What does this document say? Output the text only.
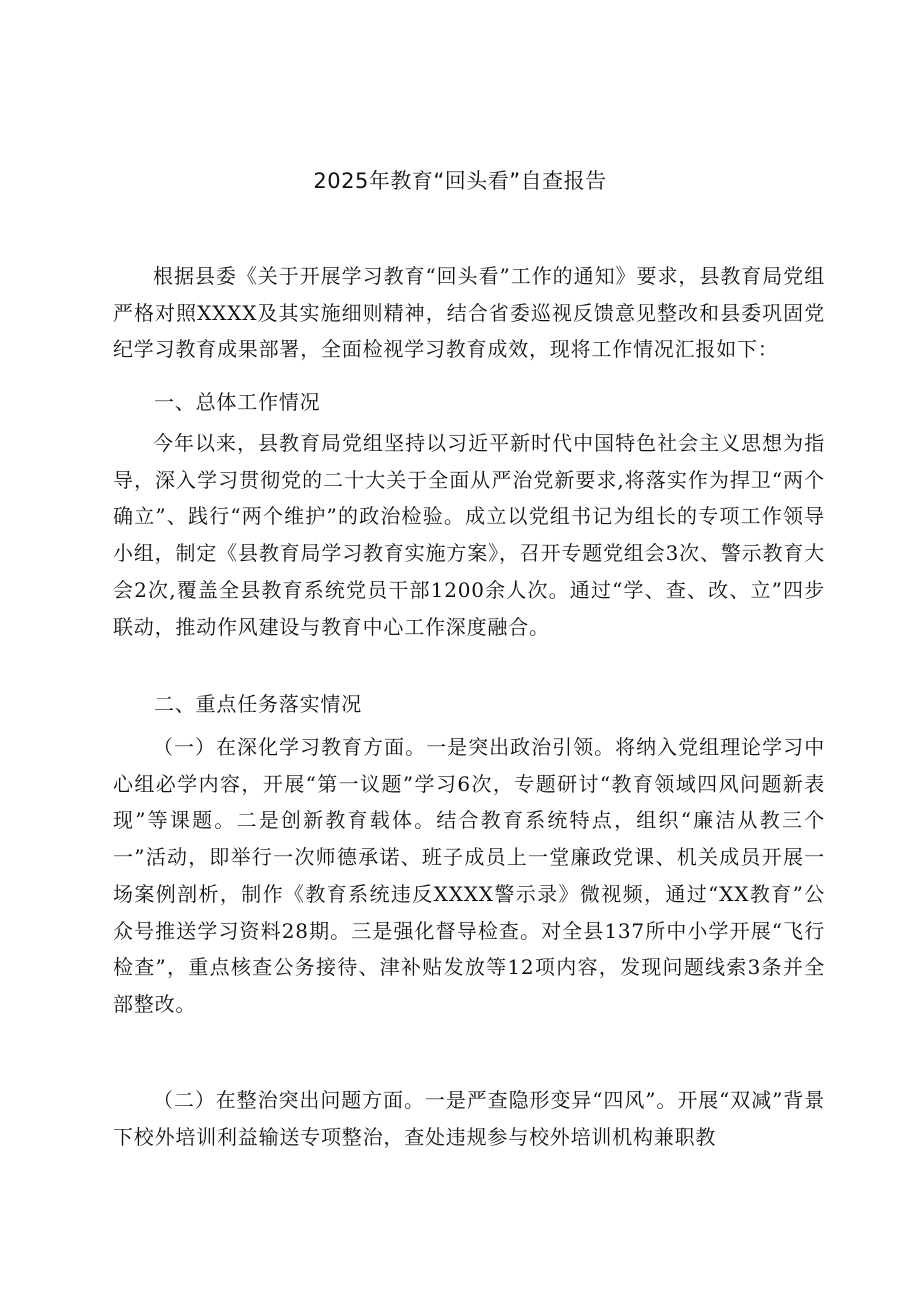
2025年教育“回头看”自查报告

根据县委《关于开展学习教育“回头看”工作的通知》要求，县教育局党组严格对照XXXX及其实施细则精神，结合省委巡视反馈意见整改和县委巩固党纪学习教育成果部署，全面检视学习教育成效，现将工作情况汇报如下：

一、总体工作情况

今年以来，县教育局党组坚持以习近平新时代中国特色社会主义思想为指导，深入学习贯彻党的二十大关于全面从严治党新要求,将落实作为捍卫“两个确立”、践行“两个维护”的政治检验。成立以党组书记为组长的专项工作领导小组，制定《县教育局学习教育实施方案》，召开专题党组会3次、警示教育大会2次,覆盖全县教育系统党员干部1200余人次。通过“学、查、改、立”四步联动，推动作风建设与教育中心工作深度融合。

二、重点任务落实情况

（一）在深化学习教育方面。一是突出政治引领。将纳入党组理论学习中心组必学内容，开展“第一议题”学习6次，专题研讨“教育领域四风问题新表现”等课题。二是创新教育载体。结合教育系统特点，组织“廉洁从教三个一”活动，即举行一次师德承诺、班子成员上一堂廉政党课、机关成员开展一场案例剖析，制作《教育系统违反XXXX警示录》微视频，通过“XX教育”公众号推送学习资料28期。三是强化督导检查。对全县137所中小学开展“飞行检查”，重点核查公务接待、津补贴发放等12项内容，发现问题线索3条并全部整改。

（二）在整治突出问题方面。一是严查隐形变异“四风”。开展“双减”背景下校外培训利益输送专项整治，查处违规参与校外培训机构兼职教
